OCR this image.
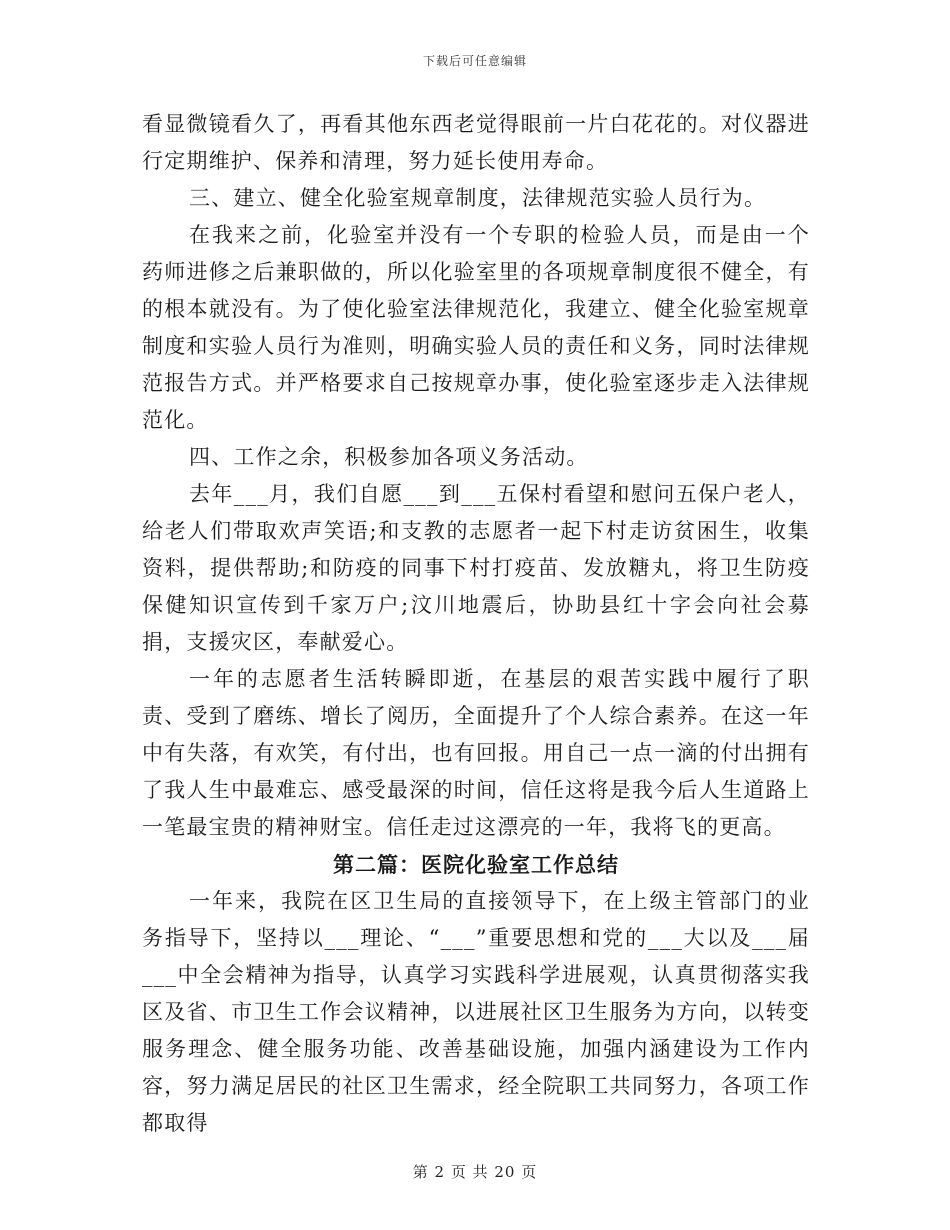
下载后可任意编辑

看显微镜看久了，再看其他东西老觉得眼前一片白花花的。对仪器进行定期维护、保养和清理，努力延长使用寿命。

三、建立、健全化验室规章制度，法律规范实验人员行为。

在我来之前，化验室并没有一个专职的检验人员，而是由一个药师进修之后兼职做的，所以化验室里的各项规章制度很不健全，有的根本就没有。为了使化验室法律规范化，我建立、健全化验室规章制度和实验人员行为准则，明确实验人员的责任和义务，同时法律规范报告方式。并严格要求自己按规章办事，使化验室逐步走入法律规范化。

四、工作之余，积极参加各项义务活动。

去年___月，我们自愿___到___五保村看望和慰问五保户老人，给老人们带取欢声笑语;和支教的志愿者一起下村走访贫困生，收集资料，提供帮助;和防疫的同事下村打疫苗、发放糖丸，将卫生防疫保健知识宣传到千家万户;汶川地震后，协助县红十字会向社会募捐，支援灾区，奉献爱心。

一年的志愿者生活转瞬即逝，在基层的艰苦实践中履行了职责、受到了磨练、增长了阅历，全面提升了个人综合素养。在这一年中有失落，有欢笑，有付出，也有回报。用自己一点一滴的付出拥有了我人生中最难忘、感受最深的时间，信任这将是我今后人生道路上一笔最宝贵的精神财宝。信任走过这漂亮的一年，我将飞的更高。

第二篇：医院化验室工作总结

一年来，我院在区卫生局的直接领导下，在上级主管部门的业务指导下，坚持以___理论、“___”重要思想和党的___大以及___届___中全会精神为指导，认真学习实践科学进展观，认真贯彻落实我区及省、市卫生工作会议精神，以进展社区卫生服务为方向，以转变服务理念、健全服务功能、改善基础设施，加强内涵建设为工作内容，努力满足居民的社区卫生需求，经全院职工共同努力，各项工作都取得

第 2 页 共 20 页
